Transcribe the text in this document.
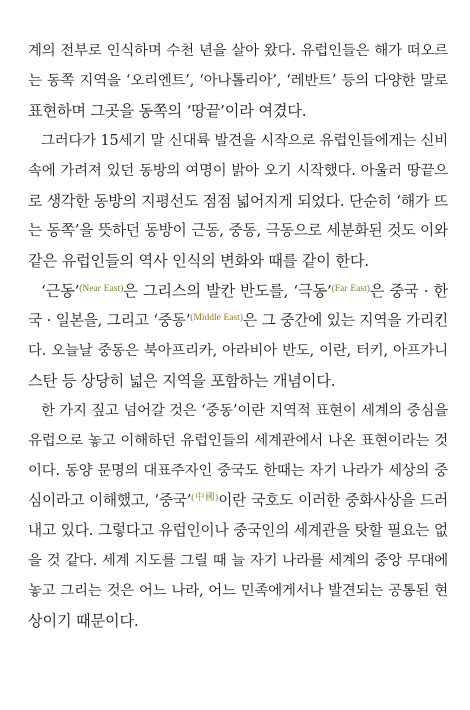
계의 전부로 인식하며 수천 년을 살아 왔다. 유럽인들은 해가 떠오르
는 동쪽 지역을 ‘오리엔트’, ‘아나톨리아’, ‘레반트’ 등의 다양한 말로
표현하며 그곳을 동쪽의 ‘땅끝’이라 여겼다.
그러다가 15세기 말 신대륙 발견을 시작으로 유럽인들에게는 신비
속에 가려져 있던 동방의 여명이 밝아 오기 시작했다. 아울러 땅끝으
로 생각한 동방의 지평선도 점점 넓어지게 되었다. 단순히 ‘해가 뜨
는 동쪽’을 뜻하던 동방이 근동, 중동, 극동으로 세분화된 것도 이와
같은 유럽인들의 역사 인식의 변화와 때를 같이 한다.
‘근동’$^{(Near East)}$은 그리스의 발칸 반도를, ‘극동’$^{(Far East)}$은 중국 · 한
국 · 일본을, 그리고 ‘중동’$^{(Middle East)}$은 그 중간에 있는 지역을 가리킨
다. 오늘날 중동은 북아프리카, 아라비아 반도, 이란, 터키, 아프가니
스탄 등 상당히 넓은 지역을 포함하는 개념이다.
한 가지 짚고 넘어갈 것은 ‘중동’이란 지역적 표현이 세계의 중심을
유럽으로 놓고 이해하던 유럽인들의 세계관에서 나온 표현이라는 것
이다. 동양 문명의 대표주자인 중국도 한때는 자기 나라가 세상의 중
심이라고 이해했고, ‘중국’$^{(中國)}$이란 국호도 이러한 중화사상을 드러
내고 있다. 그렇다고 유럽인이나 중국인의 세계관을 탓할 필요는 없
을 것 같다. 세계 지도를 그릴 때 늘 자기 나라를 세계의 중앙 무대에
놓고 그리는 것은 어느 나라, 어느 민족에게서나 발견되는 공통된 현
상이기 때문이다.
